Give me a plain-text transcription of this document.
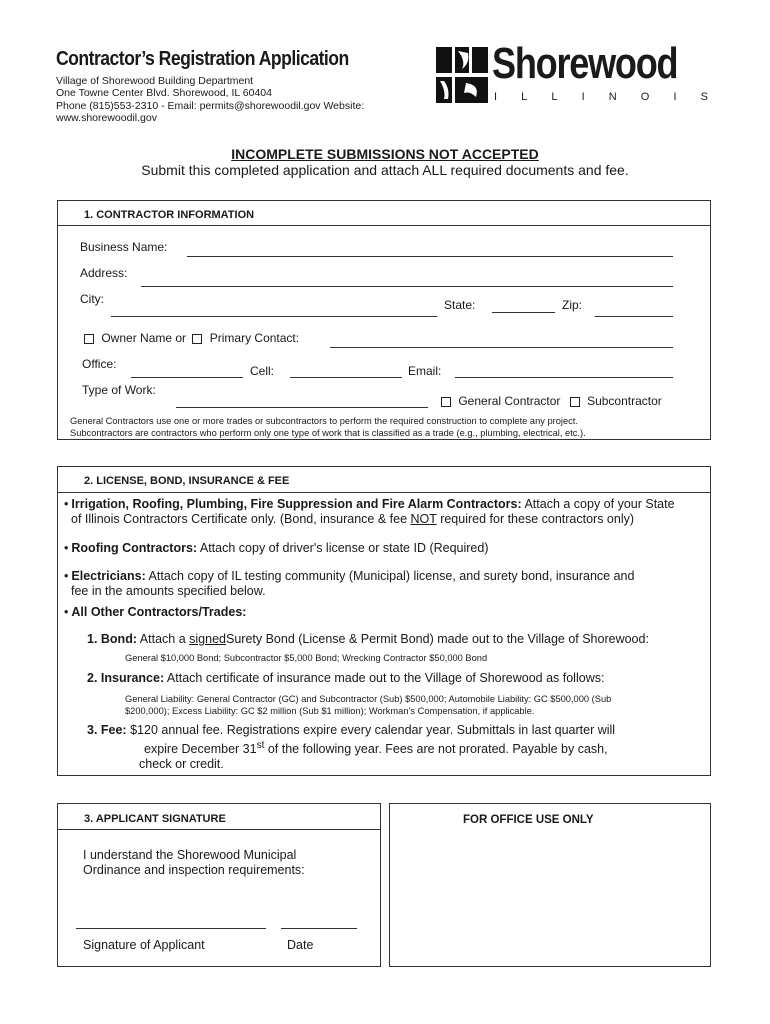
Contractor’s Registration Application
Village of Shorewood Building Department
One Towne Center Blvd. Shorewood, IL 60404
Phone (815)553-2310 - Email: permits@shorewoodil.gov Website:
www.shorewoodil.gov
Shorewood
I L L I N O I S
INCOMPLETE SUBMISSIONS NOT ACCEPTED
Submit this completed application and attach ALL required documents and fee.
1. CONTRACTOR INFORMATION
Business Name:
Address:
City:	State:	Zip:
Owner Name or Primary Contact:
Office:	Cell:	Email:
Type of Work:
General Contractor Subcontractor
General Contractors use one or more trades or subcontractors to perform the required construction to complete any project.
Subcontractors are contractors who perform only one type of work that is classified as a trade (e.g., plumbing, electrical, etc.).
2. LICENSE, BOND, INSURANCE & FEE
• Irrigation, Roofing, Plumbing, Fire Suppression and Fire Alarm Contractors: Attach a copy of your State
of Illinois Contractors Certificate only. (Bond, insurance & fee NOT required for these contractors only)
• Roofing Contractors: Attach copy of driver's license or state ID (Required)
• Electricians: Attach copy of IL testing community (Municipal) license, and surety bond, insurance and
fee in the amounts specified below.
• All Other Contractors/Trades:
1. Bond: Attach a signedSurety Bond (License & Permit Bond) made out to the Village of Shorewood:
General $10,000 Bond; Subcontractor $5,000 Bond; Wrecking Contractor $50,000 Bond
2. Insurance: Attach certificate of insurance made out to the Village of Shorewood as follows:
General Liability: General Contractor (GC) and Subcontractor (Sub) $500,000; Automobile Liability: GC $500,000 (Sub
$200,000); Excess Liability: GC $2 million (Sub $1 million); Workman’s Compensation, if applicable.
3. Fee: $120 annual fee. Registrations expire every calendar year. Submittals in last quarter will
expire December 31st of the following year. Fees are not prorated. Payable by cash,
check or credit.
3. APPLICANT SIGNATURE
I understand the Shorewood Municipal
Ordinance and inspection requirements:
Signature of Applicant	Date
FOR OFFICE USE ONLY
